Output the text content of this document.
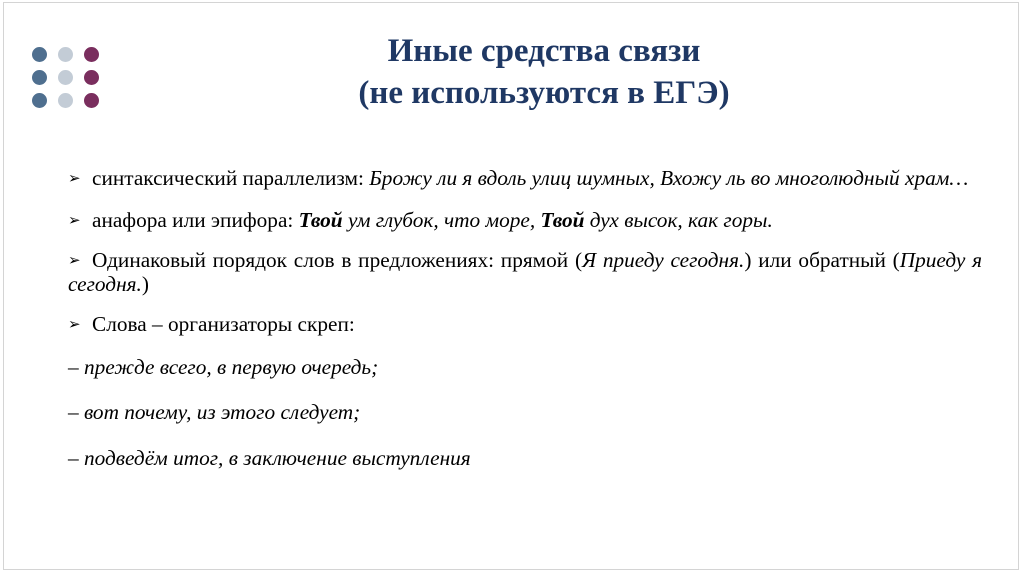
Иные средства связи
(не используются в ЕГЭ)

➢ синтаксический параллелизм: Брожу ли я вдоль улиц шумных, Вхожу ль во многолюдный храм…

➢ анафора или эпифора: Твой ум глубок, что море, Твой дух высок, как горы.

➢ Одинаковый порядок слов в предложениях: прямой (Я приеду сегодня.) или обратный (Приеду я сегодня.)

➢ Слова – организаторы скреп:

– прежде всего, в первую очередь;

– вот почему, из этого следует;

– подведём итог, в заключение выступления
